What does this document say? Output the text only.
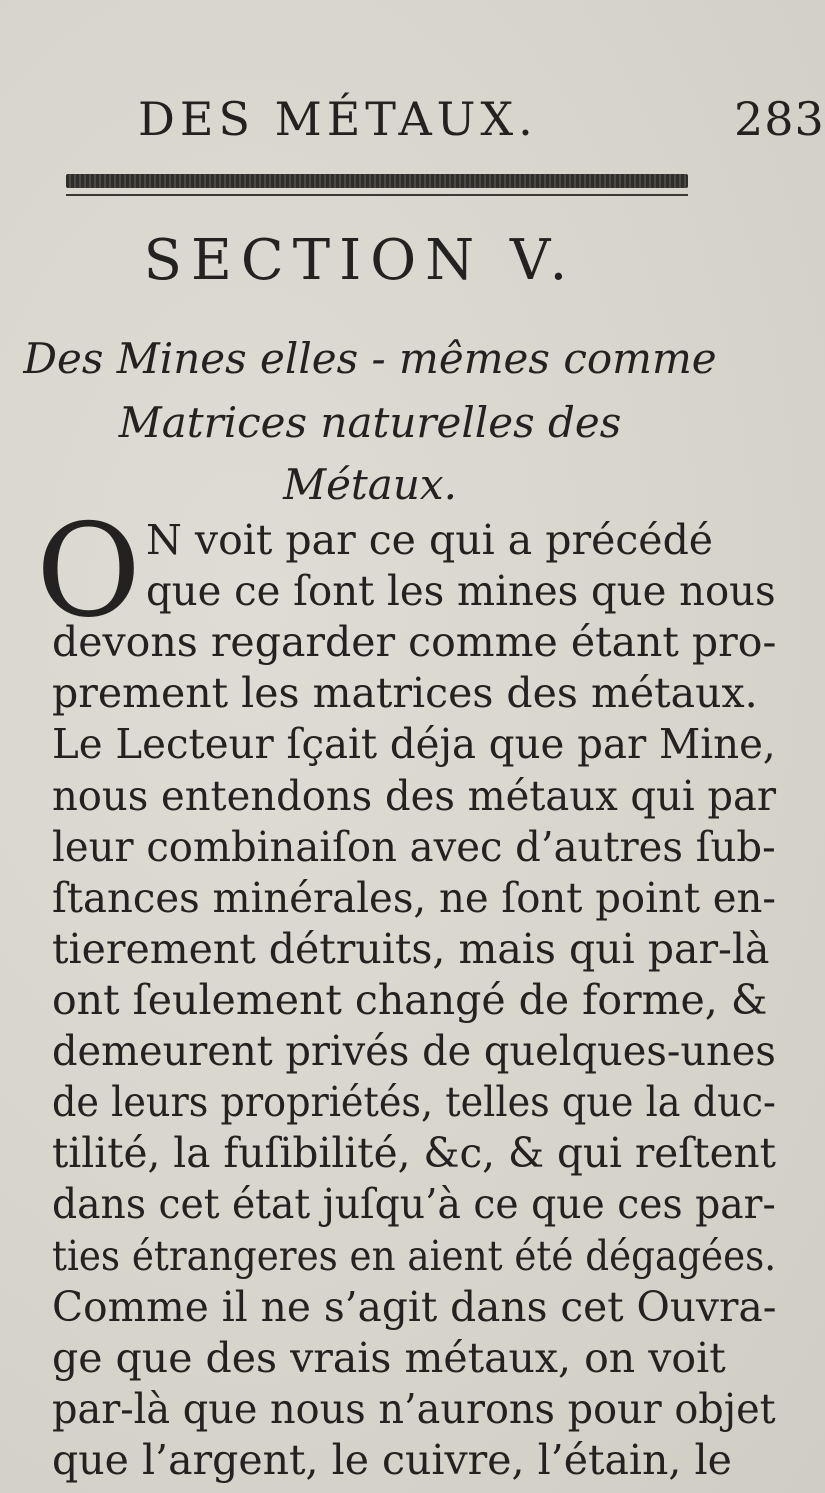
DES MÉTAUX.	283
SECTION V.
Des Mines elles - mêmes comme
Matrices naturelles des
Métaux.
O N voit par ce qui a précédé
que ce ſont les mines que nous
devons regarder comme étant pro-
prement les matrices des métaux.
Le Lecteur ſçait déja que par Mine,
nous entendons des métaux qui par
leur combinaiſon avec d’autres ſub-
ſtances minérales, ne ſont point en-
tierement détruits, mais qui par-là
ont ſeulement changé de forme, &
demeurent privés de quelques-unes
de leurs propriétés, telles que la duc-
tilité, la fuſibilité, &c, & qui reſtent
dans cet état juſqu’à ce que ces par-
ties étrangeres en aient été dégagées.
Comme il ne s’agit dans cet Ouvra-
ge que des vrais métaux, on voit
par-là que nous n’aurons pour objet
que l’argent, le cuivre, l’étain, le
